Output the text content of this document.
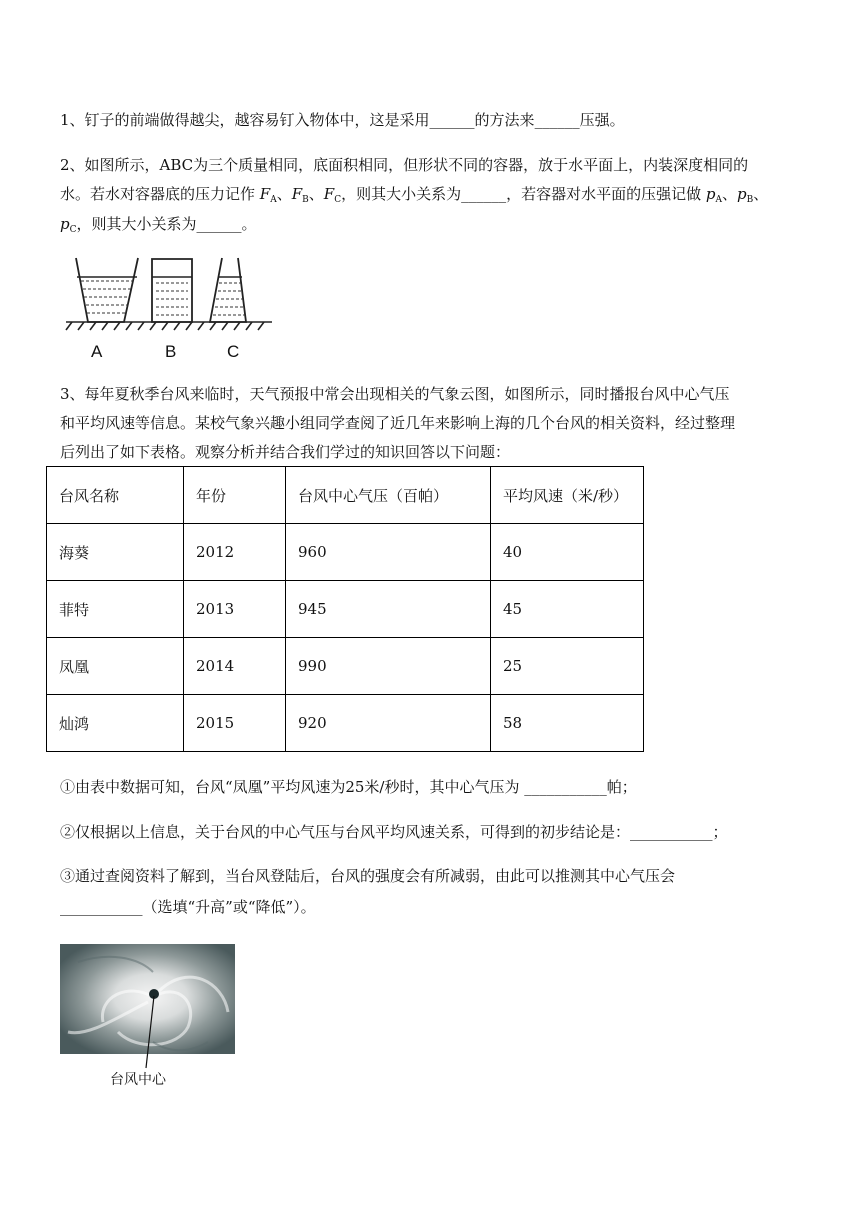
1、钉子的前端做得越尖，越容易钉入物体中，这是采用______的方法来______压强。
2、如图所示，ABC为三个质量相同，底面积相同，但形状不同的容器，放于水平面上，内装深度相同的
水。若水对容器底的压力记作 $F_A$、$F_B$、$F_C$，则其大小关系为______，若容器对水平面的压强记做 $p_A$、$p_B$、
$p_C$，则其大小关系为______。
A	B	C
3、每年夏秋季台风来临时，天气预报中常会出现相关的气象云图，如图所示，同时播报台风中心气压
和平均风速等信息。某校气象兴趣小组同学查阅了近几年来影响上海的几个台风的相关资料，经过整理
后列出了如下表格。观察分析并结合我们学过的知识回答以下问题：
台风名称	年份	台风中心气压（百帕）	平均风速（米/秒）
海葵	2012	960	40
菲特	2013	945	45
凤凰	2014	990	25
灿鸿	2015	920	58
①由表中数据可知，台风“凤凰”平均风速为25米/秒时，其中心气压为 ___________帕；
②仅根据以上信息，关于台风的中心气压与台风平均风速关系，可得到的初步结论是：___________；
③通过查阅资料了解到，当台风登陆后，台风的强度会有所减弱，由此可以推测其中心气压会
___________（选填“升高”或“降低”）。
台风中心
